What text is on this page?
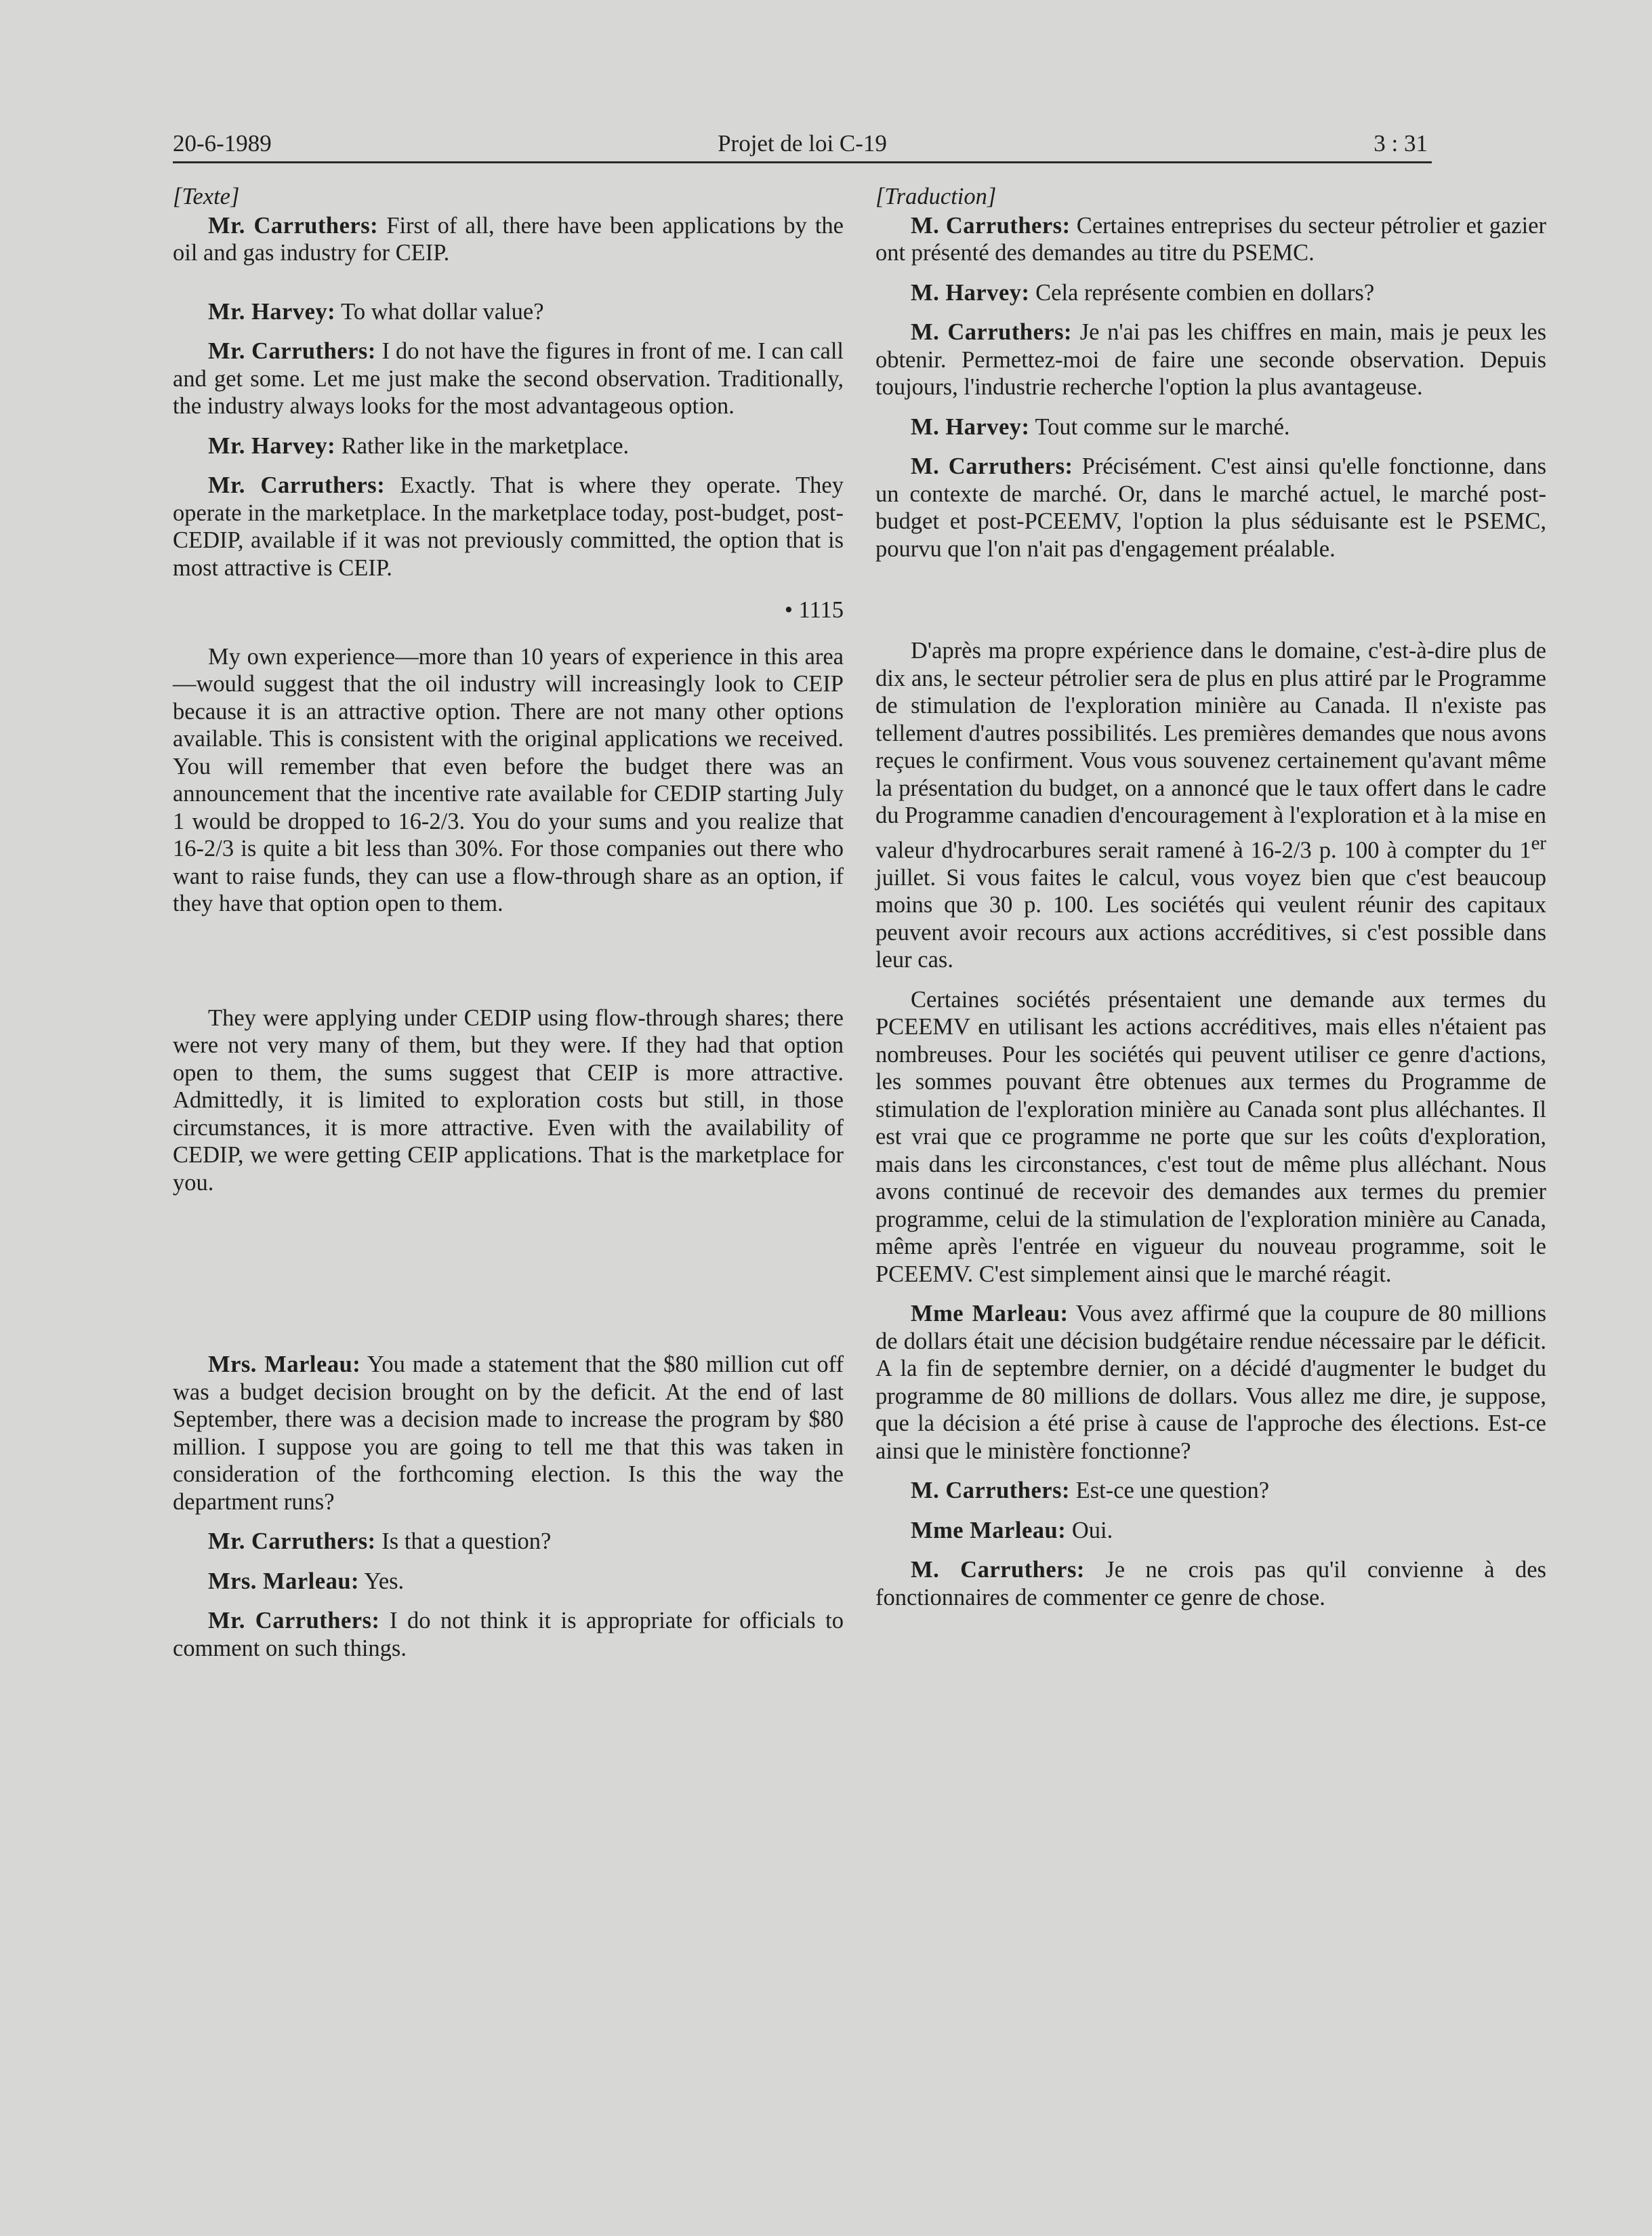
20-6-1989	Projet de loi C-19	3 : 31
[Texte]

Mr. Carruthers: First of all, there have been applications by the oil and gas industry for CEIP.

Mr. Harvey: To what dollar value?

Mr. Carruthers: I do not have the figures in front of me. I can call and get some. Let me just make the second observation. Traditionally, the industry always looks for the most advantageous option.

Mr. Harvey: Rather like in the marketplace.

Mr. Carruthers: Exactly. That is where they operate. They operate in the marketplace. In the marketplace today, post-budget, post-CEDIP, available if it was not previously committed, the option that is most attractive is CEIP.

• 1115

My own experience—more than 10 years of experience in this area—would suggest that the oil industry will increasingly look to CEIP because it is an attractive option. There are not many other options available. This is consistent with the original applications we received. You will remember that even before the budget there was an announcement that the incentive rate available for CEDIP starting July 1 would be dropped to 16-2/3. You do your sums and you realize that 16-2/3 is quite a bit less than 30%. For those companies out there who want to raise funds, they can use a flow-through share as an option, if they have that option open to them.

They were applying under CEDIP using flow-through shares; there were not very many of them, but they were. If they had that option open to them, the sums suggest that CEIP is more attractive. Admittedly, it is limited to exploration costs but still, in those circumstances, it is more attractive. Even with the availability of CEDIP, we were getting CEIP applications. That is the marketplace for you.

Mrs. Marleau: You made a statement that the $80 million cut off was a budget decision brought on by the deficit. At the end of last September, there was a decision made to increase the program by $80 million. I suppose you are going to tell me that this was taken in consideration of the forthcoming election. Is this the way the department runs?

Mr. Carruthers: Is that a question?

Mrs. Marleau: Yes.

Mr. Carruthers: I do not think it is appropriate for officials to comment on such things.

[Traduction]

M. Carruthers: Certaines entreprises du secteur pétrolier et gazier ont présenté des demandes au titre du PSEMC.

M. Harvey: Cela représente combien en dollars?

M. Carruthers: Je n'ai pas les chiffres en main, mais je peux les obtenir. Permettez-moi de faire une seconde observation. Depuis toujours, l'industrie recherche l'option la plus avantageuse.

M. Harvey: Tout comme sur le marché.

M. Carruthers: Précisément. C'est ainsi qu'elle fonctionne, dans un contexte de marché. Or, dans le marché actuel, le marché post-budget et post-PCEEMV, l'option la plus séduisante est le PSEMC, pourvu que l'on n'ait pas d'engagement préalable.

D'après ma propre expérience dans le domaine, c'est-à-dire plus de dix ans, le secteur pétrolier sera de plus en plus attiré par le Programme de stimulation de l'exploration minière au Canada. Il n'existe pas tellement d'autres possibilités. Les premières demandes que nous avons reçues le confirment. Vous vous souvenez certainement qu'avant même la présentation du budget, on a annoncé que le taux offert dans le cadre du Programme canadien d'encouragement à l'exploration et à la mise en valeur d'hydrocarbures serait ramené à 16-2/3 p. 100 à compter du 1er juillet. Si vous faites le calcul, vous voyez bien que c'est beaucoup moins que 30 p. 100. Les sociétés qui veulent réunir des capitaux peuvent avoir recours aux actions accréditives, si c'est possible dans leur cas.

Certaines sociétés présentaient une demande aux termes du PCEEMV en utilisant les actions accréditives, mais elles n'étaient pas nombreuses. Pour les sociétés qui peuvent utiliser ce genre d'actions, les sommes pouvant être obtenues aux termes du Programme de stimulation de l'exploration minière au Canada sont plus alléchantes. Il est vrai que ce programme ne porte que sur les coûts d'exploration, mais dans les circonstances, c'est tout de même plus alléchant. Nous avons continué de recevoir des demandes aux termes du premier programme, celui de la stimulation de l'exploration minière au Canada, même après l'entrée en vigueur du nouveau programme, soit le PCEEMV. C'est simplement ainsi que le marché réagit.

Mme Marleau: Vous avez affirmé que la coupure de 80 millions de dollars était une décision budgétaire rendue nécessaire par le déficit. A la fin de septembre dernier, on a décidé d'augmenter le budget du programme de 80 millions de dollars. Vous allez me dire, je suppose, que la décision a été prise à cause de l'approche des élections. Est-ce ainsi que le ministère fonctionne?

M. Carruthers: Est-ce une question?

Mme Marleau: Oui.

M. Carruthers: Je ne crois pas qu'il convienne à des fonctionnaires de commenter ce genre de chose.
